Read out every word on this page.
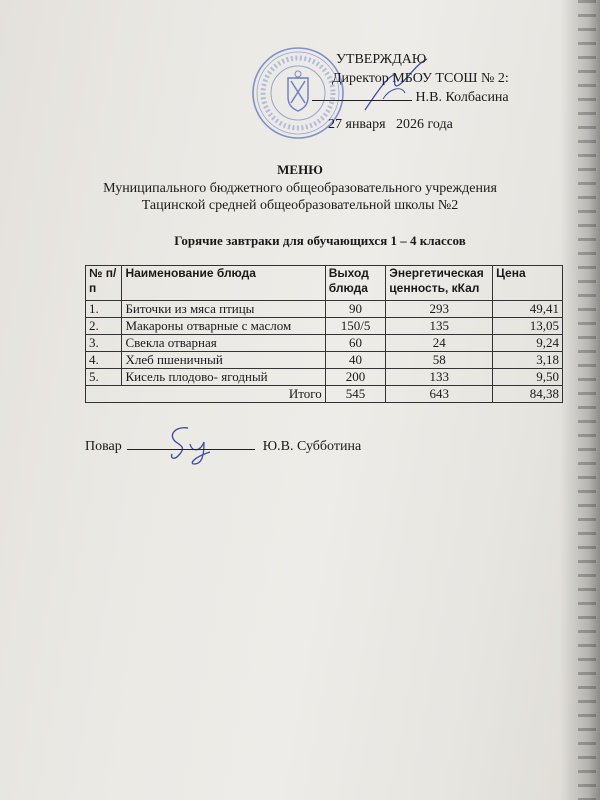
УТВЕРЖДАЮ
Директор МБОУ ТСОШ № 2:
Н.В. Колбасина
27 января 2026 года
МЕНЮ
Муниципального бюджетного общеобразовательного учреждения
Тацинской средней общеобразовательной школы №2
Горячие завтраки для обучающихся 1 – 4 классов
№ п/п	Наименование блюда	Выход блюда	Энергетическая ценность, кКал	Цена
1.	Биточки из мяса птицы	90	293	49,41
2.	Макароны отварные с маслом	150/5	135	13,05
3.	Свекла отварная	60	24	9,24
4.	Хлеб пшеничный	40	58	3,18
5.	Кисель плодово- ягодный	200	133	9,50
Итого		545	643	84,38
Повар	Ю.В. Субботина
